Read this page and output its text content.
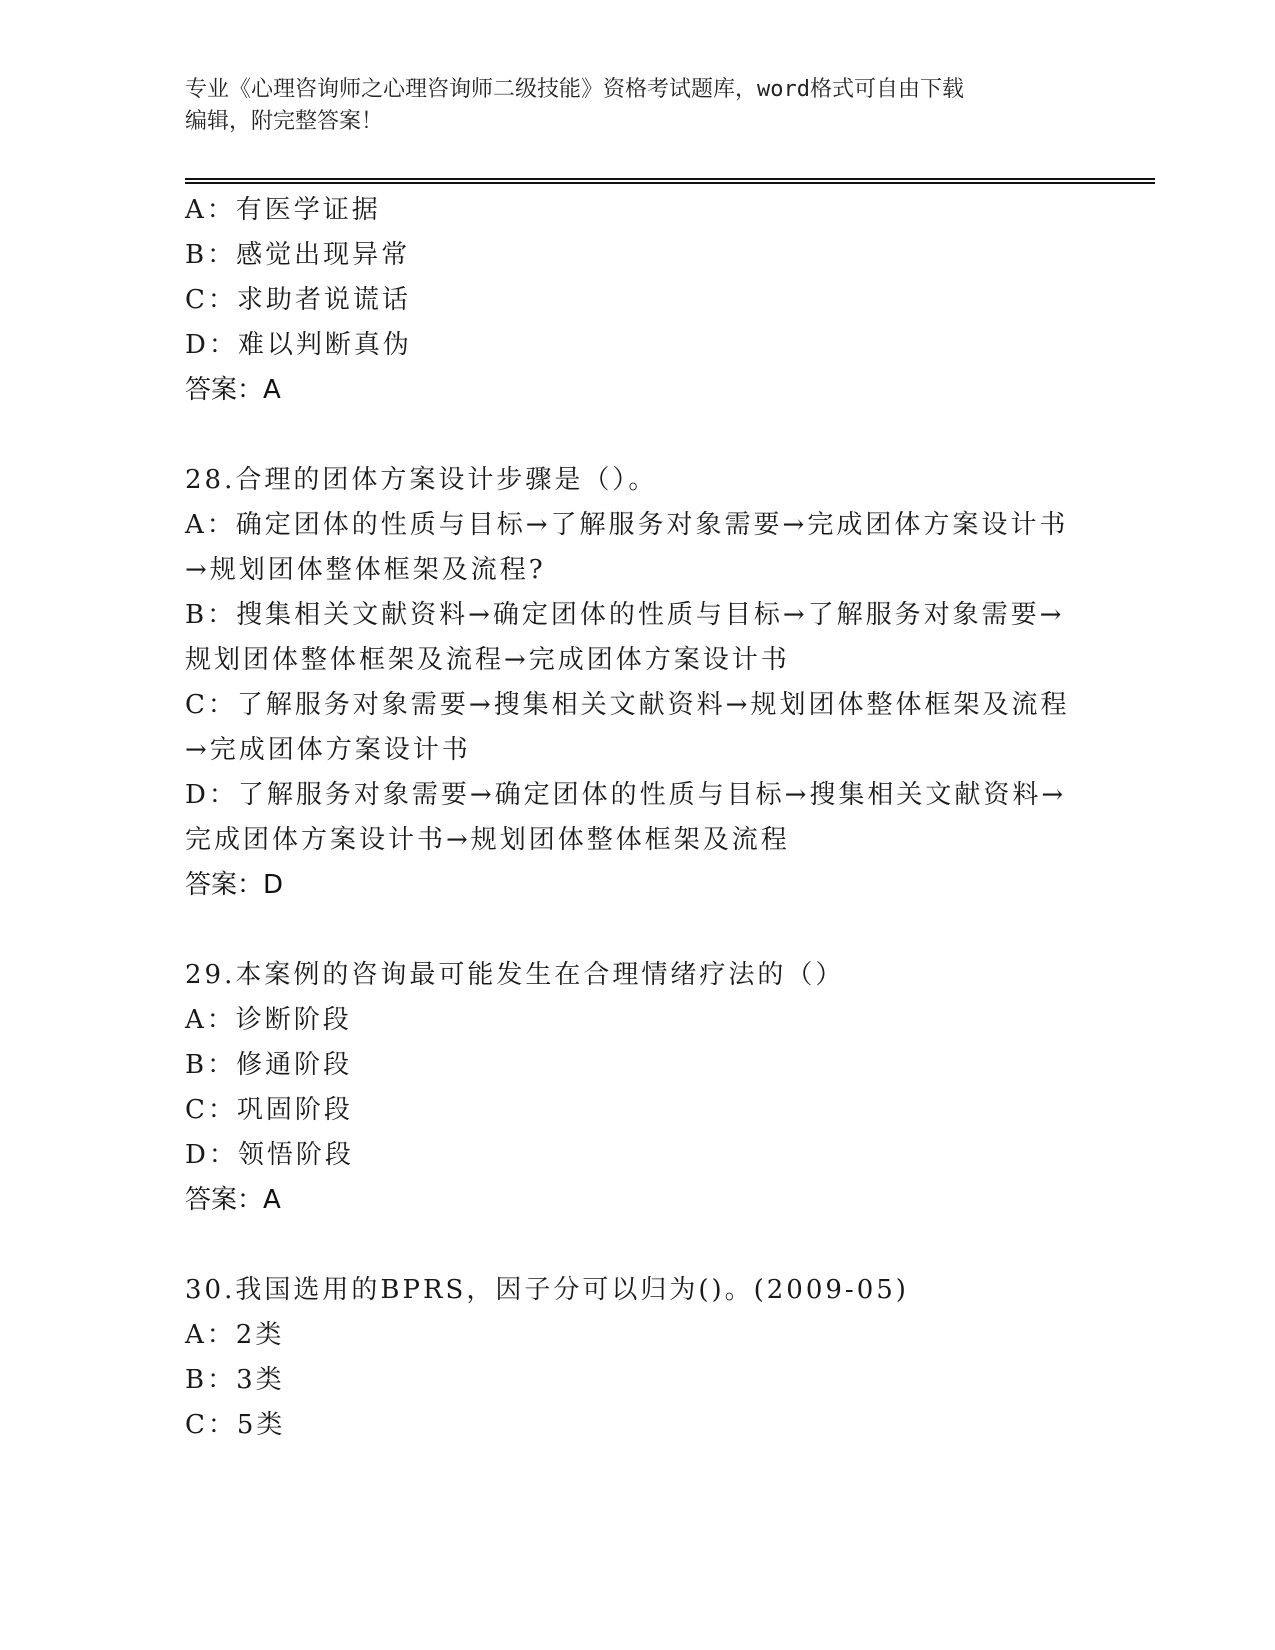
专业《心理咨询师之心理咨询师二级技能》资格考试题库，word格式可自由下载
编辑，附完整答案！
A：有医学证据
B：感觉出现异常
C：求助者说谎话
D：难以判断真伪
答案：A
28.合理的团体方案设计步骤是（）。
A：确定团体的性质与目标→了解服务对象需要→完成团体方案设计书
→规划团体整体框架及流程?
B：搜集相关文献资料→确定团体的性质与目标→了解服务对象需要→
规划团体整体框架及流程→完成团体方案设计书
C：了解服务对象需要→搜集相关文献资料→规划团体整体框架及流程
→完成团体方案设计书
D：了解服务对象需要→确定团体的性质与目标→搜集相关文献资料→
完成团体方案设计书→规划团体整体框架及流程
答案：D
29.本案例的咨询最可能发生在合理情绪疗法的（）
A：诊断阶段
B：修通阶段
C：巩固阶段
D：领悟阶段
答案：A
30.我国选用的BPRS，因子分可以归为()。(2009-05)
A：2类
B：3类
C：5类
